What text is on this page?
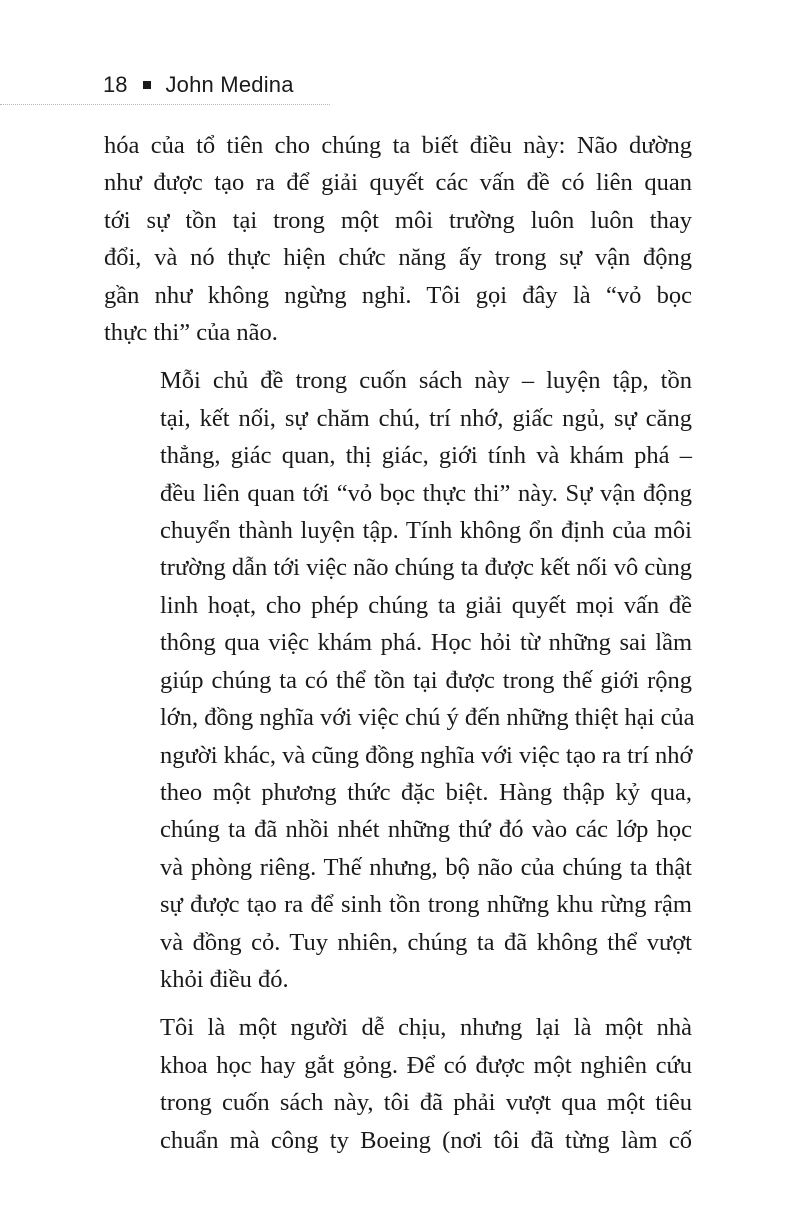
18 John Medina

hóa của tổ tiên cho chúng ta biết điều này: Não dường
như được tạo ra để giải quyết các vấn đề có liên quan
tới sự tồn tại trong một môi trường luôn luôn thay
đổi, và nó thực hiện chức năng ấy trong sự vận động
gần như không ngừng nghỉ. Tôi gọi đây là “vỏ bọc
thực thi” của não.

Mỗi chủ đề trong cuốn sách này – luyện tập, tồn
tại, kết nối, sự chăm chú, trí nhớ, giấc ngủ, sự căng
thẳng, giác quan, thị giác, giới tính và khám phá –
đều liên quan tới “vỏ bọc thực thi” này. Sự vận động
chuyển thành luyện tập. Tính không ổn định của môi
trường dẫn tới việc não chúng ta được kết nối vô cùng
linh hoạt, cho phép chúng ta giải quyết mọi vấn đề
thông qua việc khám phá. Học hỏi từ những sai lầm
giúp chúng ta có thể tồn tại được trong thế giới rộng
lớn, đồng nghĩa với việc chú ý đến những thiệt hại của
người khác, và cũng đồng nghĩa với việc tạo ra trí nhớ
theo một phương thức đặc biệt. Hàng thập kỷ qua,
chúng ta đã nhồi nhét những thứ đó vào các lớp học
và phòng riêng. Thế nhưng, bộ não của chúng ta thật
sự được tạo ra để sinh tồn trong những khu rừng rậm
và đồng cỏ. Tuy nhiên, chúng ta đã không thể vượt
khỏi điều đó.

Tôi là một người dễ chịu, nhưng lại là một nhà
khoa học hay gắt gỏng. Để có được một nghiên cứu
trong cuốn sách này, tôi đã phải vượt qua một tiêu
chuẩn mà công ty Boeing (nơi tôi đã từng làm cố
